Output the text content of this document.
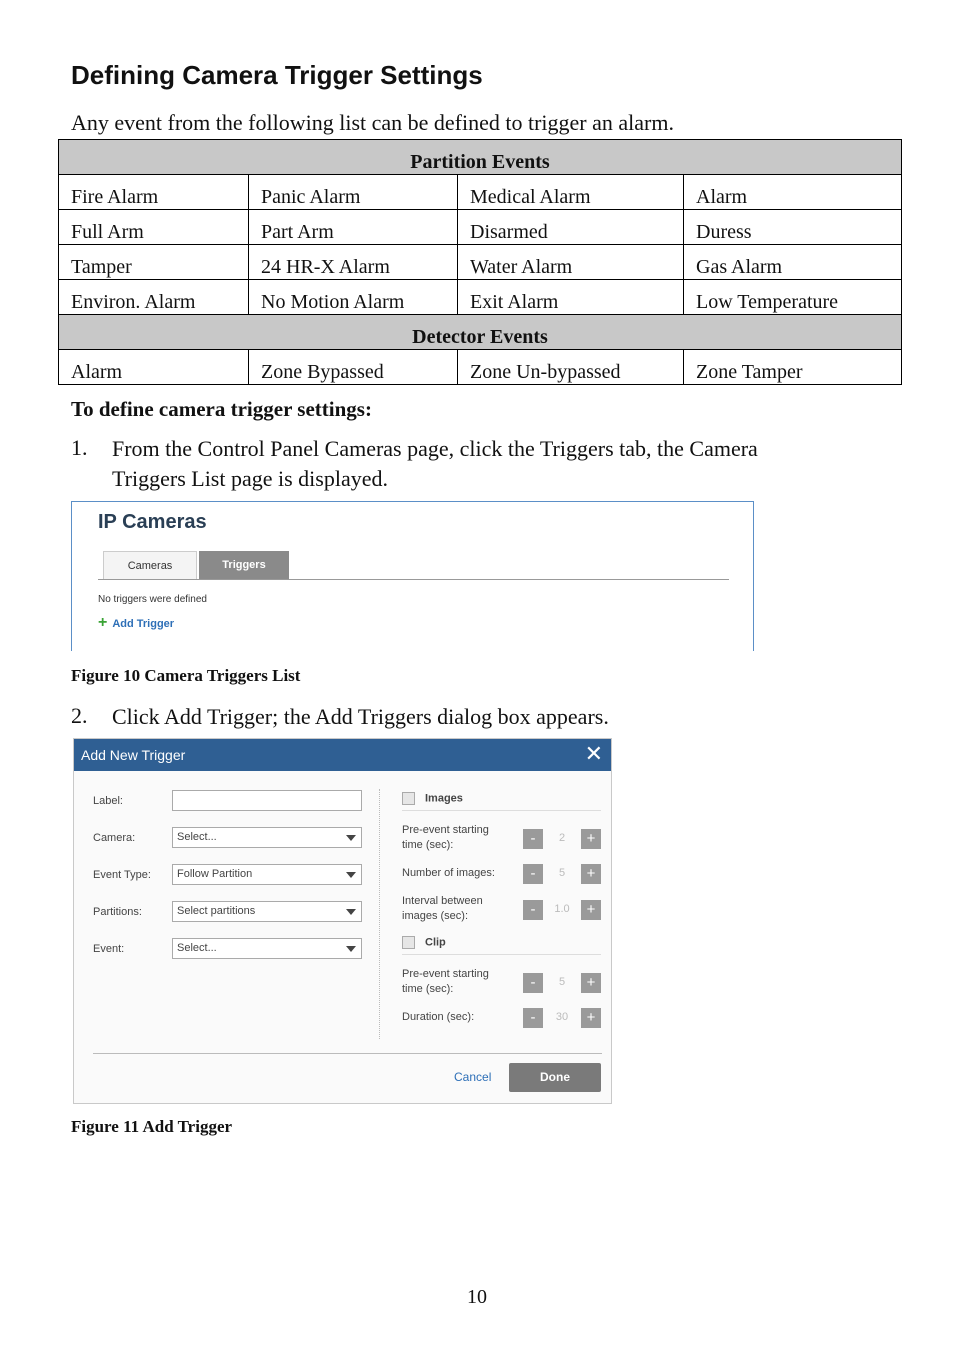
Defining Camera Trigger Settings
Any event from the following list can be defined to trigger an alarm.
Partition Events			
Fire Alarm	Panic Alarm	Medical Alarm	Alarm
Full Arm	Part Arm	Disarmed	Duress
Tamper	24 HR-X Alarm	Water Alarm	Gas Alarm
Environ. Alarm	No Motion Alarm	Exit Alarm	Low Temperature
Detector Events			
Alarm	Zone Bypassed	Zone Un-bypassed	Zone Tamper
To define camera trigger settings:
1. From the Control Panel Cameras page, click the Triggers tab, the Camera
Triggers List page is displayed.
IP Cameras
Cameras	Triggers
No triggers were defined
+ Add Trigger
Figure 10 Camera Triggers List
2. Click Add Trigger; the Add Triggers dialog box appears.
Add New Trigger	✕
Label:
Camera:	Select...
Event Type:	Follow Partition
Partitions:	Select partitions
Event:	Select...
Images
Pre-event starting
time (sec):	-	2	+
Number of images:	-	5	+
Interval between
images (sec):	-	1.0	+
Clip
Pre-event starting
time (sec):	-	5	+
Duration (sec):	-	30	+
Cancel	Done
Figure 11 Add Trigger
10
